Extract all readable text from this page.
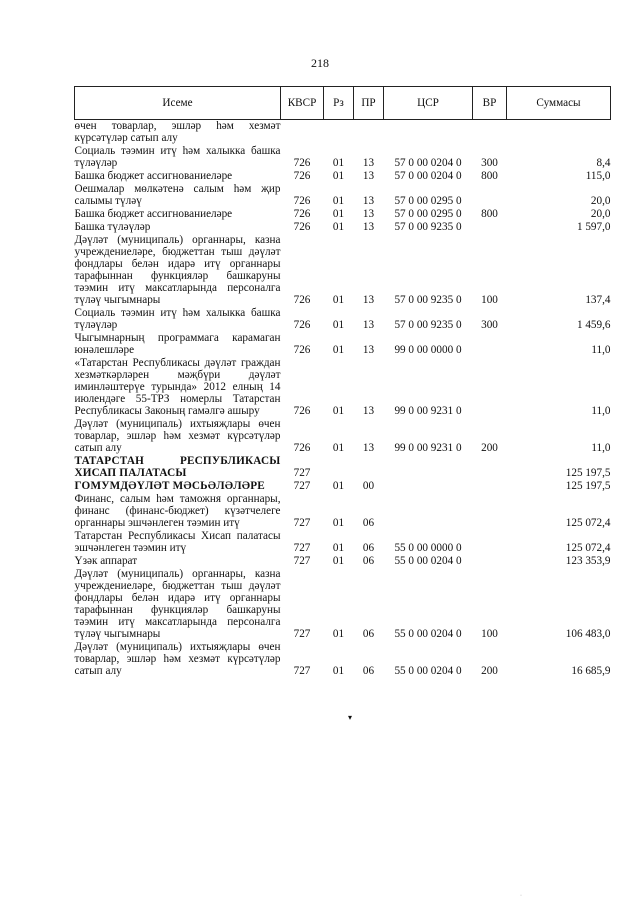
218
Исеме	КВСР	Рз	ПР	ЦСР	ВР	Суммасы
өчен товарлар, эшләр һәм хезмәт күрсәтүләр сатып алу						
Социаль тәэмин итү һәм халыкка башка түләүләр	726	01	13	57 0 00 0204 0	300	8,4
Башка бюджет ассигнованиеләре	726	01	13	57 0 00 0204 0	800	115,0
Оешмалар мөлкәтенә салым һәм җир салымы түләү	726	01	13	57 0 00 0295 0		20,0
Башка бюджет ассигнованиеләре	726	01	13	57 0 00 0295 0	800	20,0
Башка түләүләр	726	01	13	57 0 00 9235 0		1 597,0
Дәүләт (муниципаль) органнары, казна учреждениеләре, бюджеттан тыш дәүләт фондлары белән идарә итү органнары тарафыннан функцияләр башкаруны тәэмин итү максатларында персоналга түләү чыгымнары	726	01	13	57 0 00 9235 0	100	137,4
Социаль тәэмин итү һәм халыкка башка түләүләр	726	01	13	57 0 00 9235 0	300	1 459,6
Чыгымнарның программага карамаган юнәлешләре	726	01	13	99 0 00 0000 0		11,0
«Татарстан Республикасы дәүләт граждан хезмәткәрләрен мәҗбүри дәүләт иминләштерүе турында» 2012 елның 14 июлендәге 55-ТРЗ номерлы Татарстан Республикасы Законың гамәлгә ашыру	726	01	13	99 0 00 9231 0		11,0
Дәүләт (муниципаль) ихтыяҗлары өчен товарлар, эшләр һәм хезмәт күрсәтүләр сатып алу	726	01	13	99 0 00 9231 0	200	11,0
ТАТАРСТАН РЕСПУБЛИКАСЫ ХИСАП ПАЛАТАСЫ	727					125 197,5
ГОМУМДӘҮЛӘТ МӘСЬӘЛӘЛӘРЕ	727	01	00			125 197,5
Финанс, салым һәм таможня органнары, финанс (финанс-бюджет) күзәтчелеге органнары эшчәнлеген тәэмин итү	727	01	06			125 072,4
Татарстан Республикасы Хисап палатасы эшчәнлеген тәэмин итү	727	01	06	55 0 00 0000 0		125 072,4
Үзәк аппарат	727	01	06	55 0 00 0204 0		123 353,9
Дәүләт (муниципаль) органнары, казна учреждениеләре, бюджеттан тыш дәүләт фондлары белән идарә итү органнары тарафыннан функцияләр башкаруны тәэмин итү максатларында персоналга түләү чыгымнары	727	01	06	55 0 00 0204 0	100	106 483,0
Дәүләт (муниципаль) ихтыяҗлары өчен товарлар, эшләр һәм хезмәт күрсәтүләр сатып алу	727	01	06	55 0 00 0204 0	200	16 685,9
▾
·
